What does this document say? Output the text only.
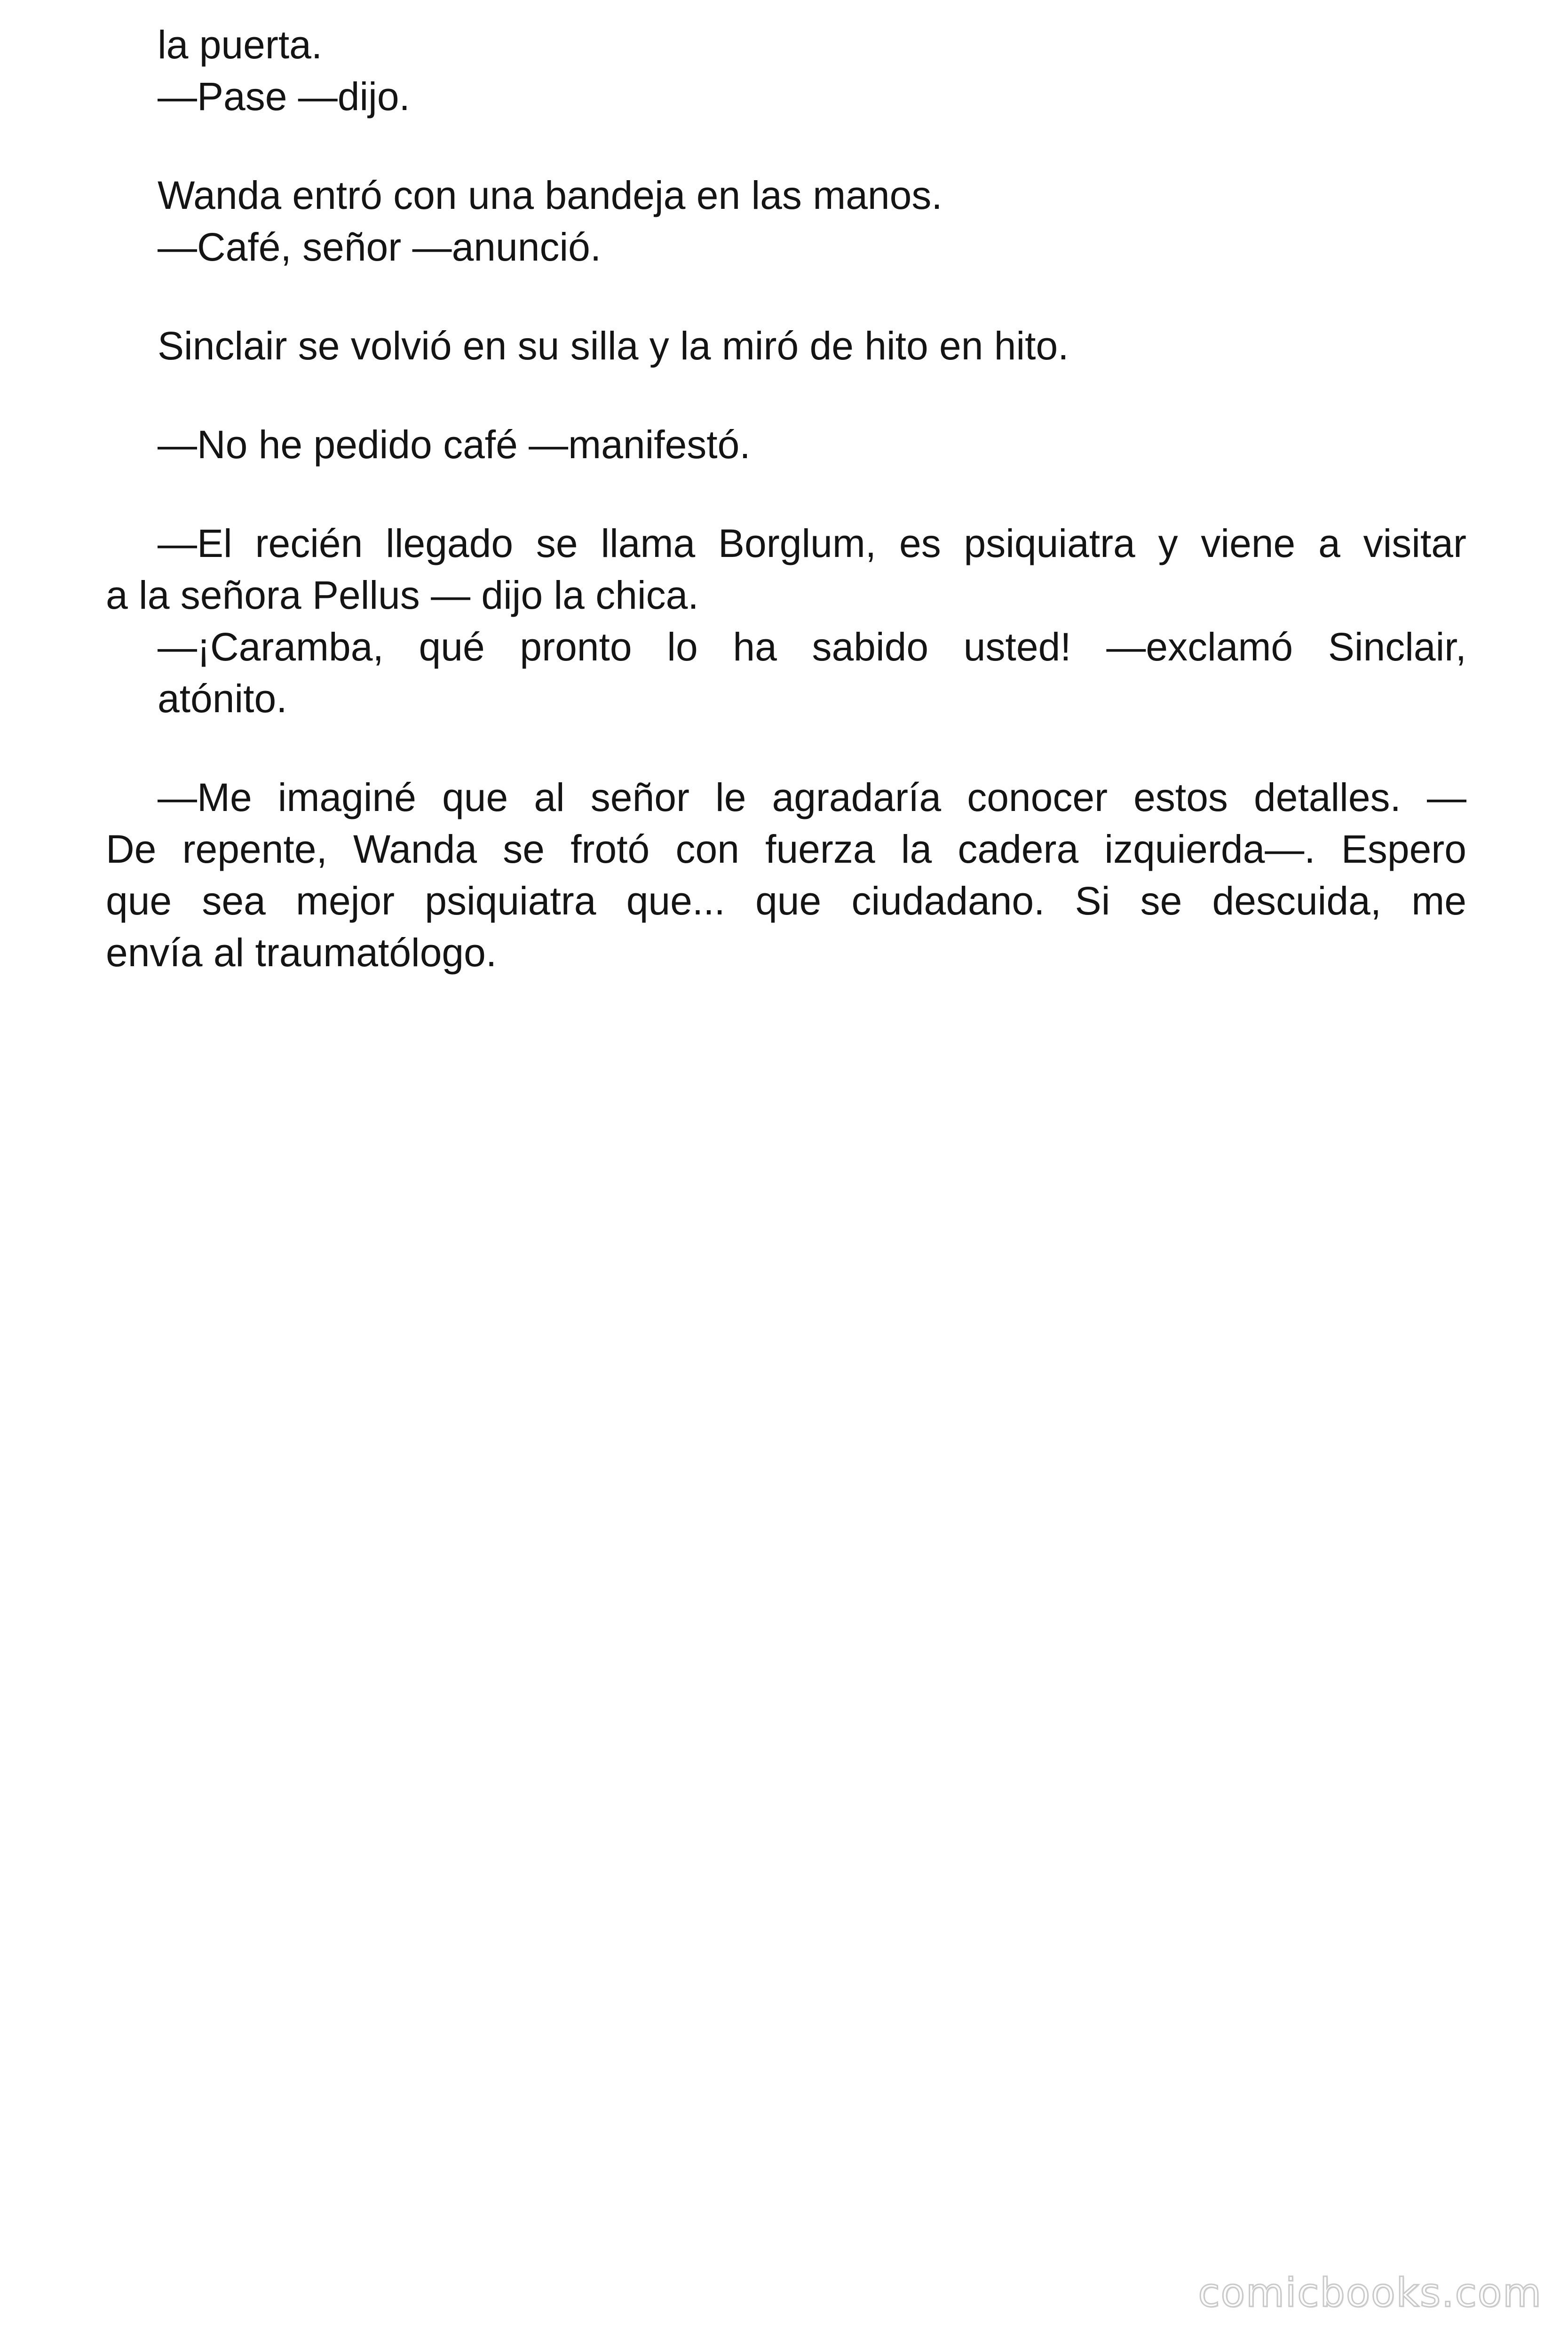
la puerta.

—Pase —dijo.

Wanda entró con una bandeja en las manos.

—Café, señor —anunció.

Sinclair se volvió en su silla y la miró de hito en hito.

—No he pedido café —manifestó.

—El recién llegado se llama Borglum, es psiquiatra y viene a visitar

a la señora Pellus — dijo la chica.

—¡Caramba, qué pronto lo ha sabido usted! —exclamó Sinclair,

atónito.

—Me imaginé que al señor le agradaría conocer estos detalles. —

De repente, Wanda se frotó con fuerza la cadera izquierda—. Espero

que sea mejor psiquiatra que... que ciudadano. Si se descuida, me

envía al traumatólogo.

comicbooks.com
